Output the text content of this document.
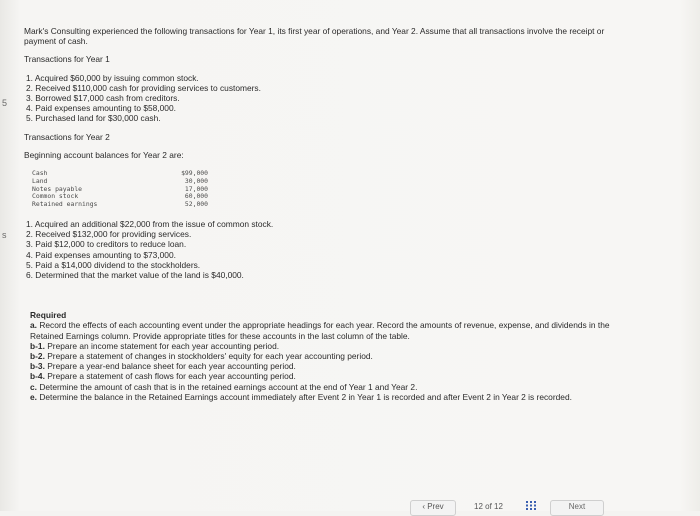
5
s

Mark's Consulting experienced the following transactions for Year 1, its first year of operations, and Year 2. Assume that all transactions involve the receipt or payment of cash.

Transactions for Year 1

1. Acquired $60,000 by issuing common stock.
2. Received $110,000 cash for providing services to customers.
3. Borrowed $17,000 cash from creditors.
4. Paid expenses amounting to $58,000.
5. Purchased land for $30,000 cash.

Transactions for Year 2

Beginning account balances for Year 2 are:

Cash	$99,000
Land	30,000
Notes payable	17,000
Common stock	60,000
Retained earnings	52,000
1. Acquired an additional $22,000 from the issue of common stock.
2. Received $132,000 for providing services.
3. Paid $12,000 to creditors to reduce loan.
4. Paid expenses amounting to $73,000.
5. Paid a $14,000 dividend to the stockholders.
6. Determined that the market value of the land is $40,000.
Required

a. Record the effects of each accounting event under the appropriate headings for each year. Record the amounts of revenue, expense, and dividends in the Retained Earnings column. Provide appropriate titles for these accounts in the last column of the table.

b-1. Prepare an income statement for each year accounting period.

b-2. Prepare a statement of changes in stockholders' equity for each year accounting period.

b-3. Prepare a year-end balance sheet for each year accounting period.

b-4. Prepare a statement of cash flows for each year accounting period.

c. Determine the amount of cash that is in the retained earnings account at the end of Year 1 and Year 2.

e. Determine the balance in the Retained Earnings account immediately after Event 2 in Year 1 is recorded and after Event 2 in Year 2 is recorded.

‹ Prev	12 of 12	Next
